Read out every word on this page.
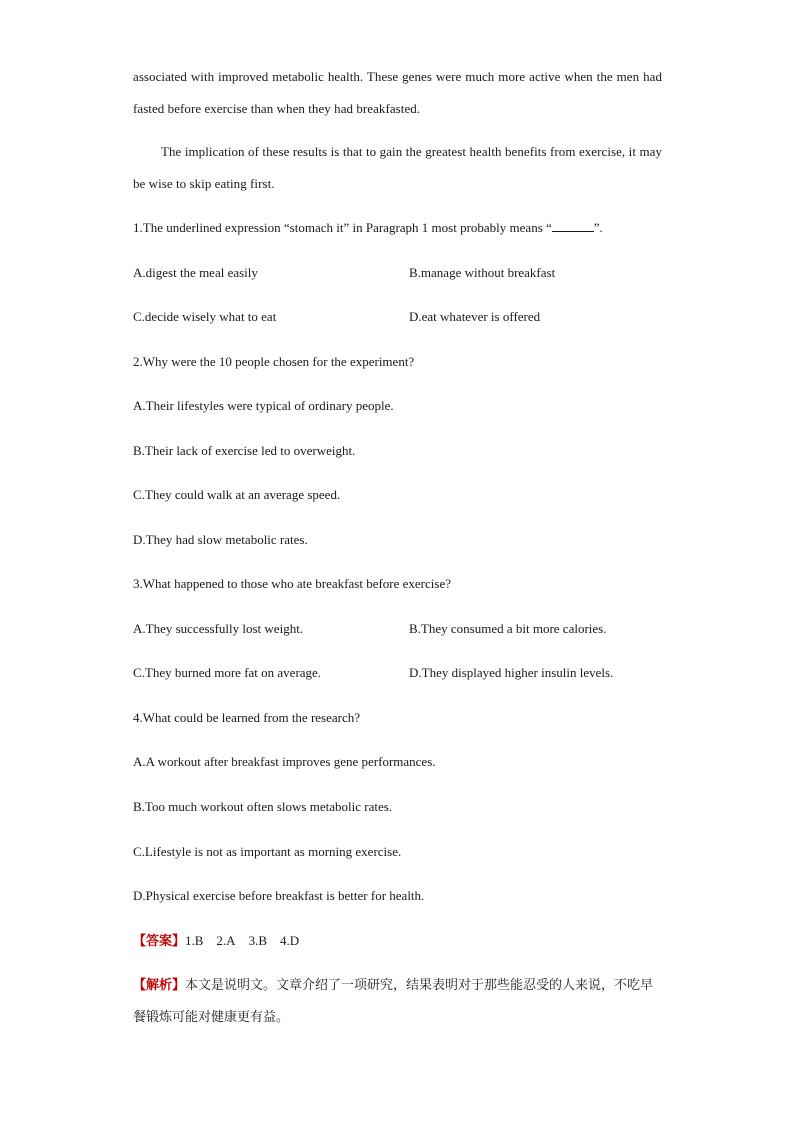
associated with improved metabolic health. These genes were much more active when the men had fasted before exercise than when they had breakfasted.
The implication of these results is that to gain the greatest health benefits from exercise, it may be wise to skip eating first.
1.The underlined expression “stomach it” in Paragraph 1 most probably means “	”.
A.digest the meal easily	B.manage without breakfast
C.decide wisely what to eat	D.eat whatever is offered
2.Why were the 10 people chosen for the experiment?
A.Their lifestyles were typical of ordinary people.
B.Their lack of exercise led to overweight.
C.They could walk at an average speed.
D.They had slow metabolic rates.
3.What happened to those who ate breakfast before exercise?
A.They successfully lost weight.	B.They consumed a bit more calories.
C.They burned more fat on average.	D.They displayed higher insulin levels.
4.What could be learned from the research?
A.A workout after breakfast improves gene performances.
B.Too much workout often slows metabolic rates.
C.Lifestyle is not as important as morning exercise.
D.Physical exercise before breakfast is better for health.
【答案】1.B    2.A    3.B    4.D
【解析】本文是说明文。文章介绍了一项研究，结果表明对于那些能忍受的人来说，不吃早餐锻炼可能对健康更有益。
